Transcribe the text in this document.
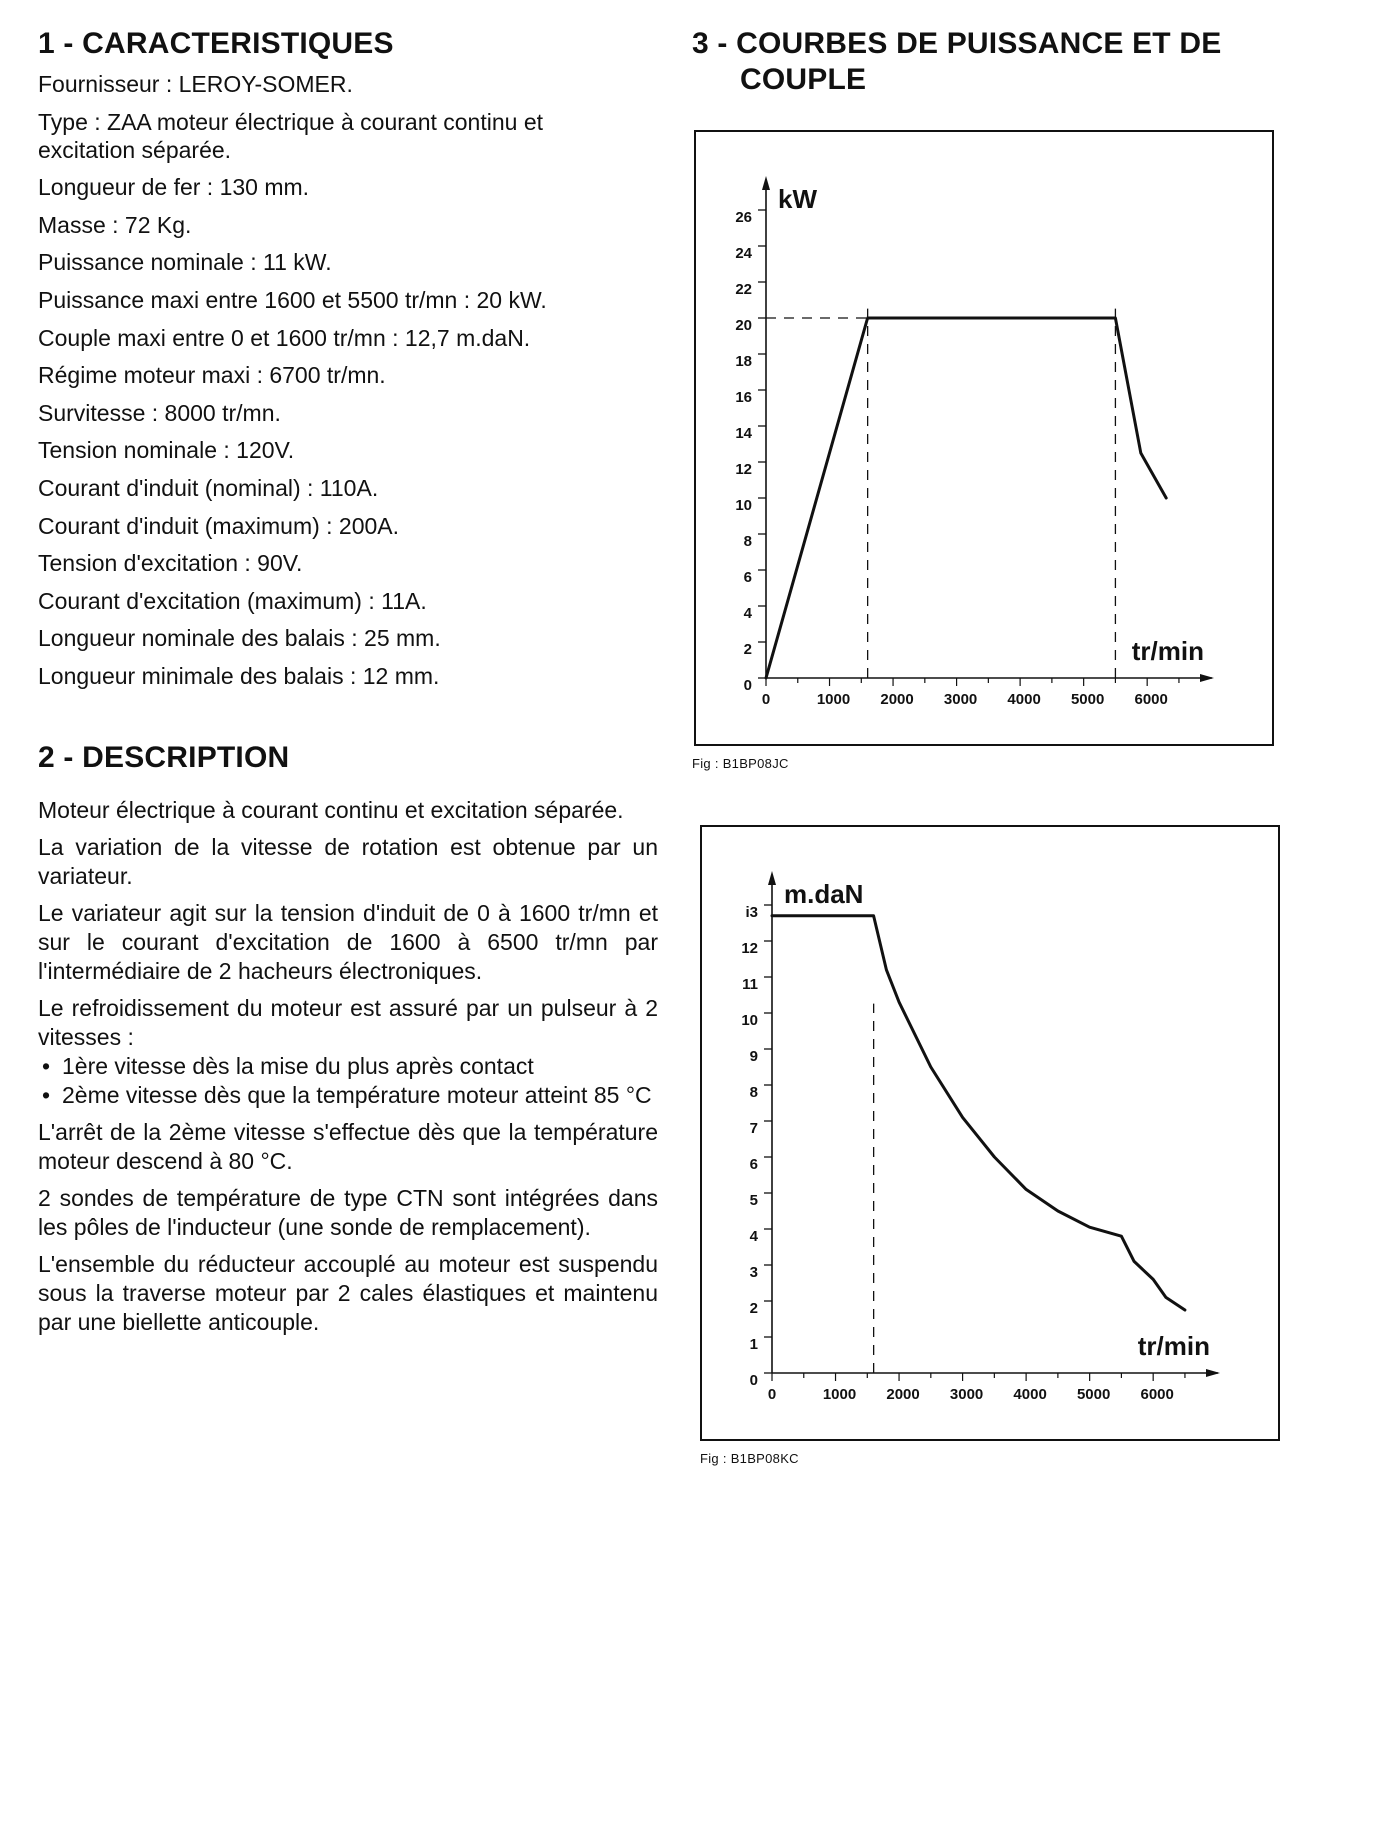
1 - CARACTERISTIQUES
Fournisseur : LEROY-SOMER.
Type : ZAA moteur électrique à courant continu et
excitation séparée.
Longueur de fer : 130 mm.
Masse : 72 Kg.
Puissance nominale : 11 kW.
Puissance maxi entre 1600 et 5500 tr/mn : 20 kW.
Couple maxi entre 0 et 1600 tr/mn : 12,7 m.daN.
Régime moteur maxi : 6700 tr/mn.
Survitesse : 8000 tr/mn.
Tension nominale : 120V.
Courant d'induit (nominal) : 110A.
Courant d'induit (maximum) : 200A.
Tension d'excitation : 90V.
Courant d'excitation (maximum) : 11A.
Longueur nominale des balais : 25 mm.
Longueur minimale des balais : 12 mm.
2 - DESCRIPTION

Moteur électrique à courant continu et excitation séparée.

La variation de la vitesse de rotation est obtenue par un variateur.

Le variateur agit sur la tension d'induit de 0 à 1600 tr/mn et sur le courant d'excitation de 1600 à 6500 tr/mn par l'intermédiaire de 2 hacheurs électroniques.

Le refroidissement du moteur est assuré par un pulseur à 2 vitesses :

• 1ère vitesse dès la mise du plus après contact
• 2ème vitesse dès que la température moteur atteint 85 °C

L'arrêt de la 2ème vitesse s'effectue dès que la température moteur descend à 80 °C.

2 sondes de température de type CTN sont intégrées dans les pôles de l'inducteur (une sonde de remplacement).

L'ensemble du réducteur accouplé au moteur est suspendu sous la traverse moteur par 2 cales élastiques et maintenu par une biellette anticouple.

3 - COURBES DE PUISSANCE ET DE
COUPLE
0
2
4
6
8
10
12
14
16
18
20
22
24
26
0	1000 2000 3000 4000 5000 6000
kW
tr/min
Fig : B1BP08JC
0
1
2
3
4
5
6
7
8
9
10
11
12
i3
0	1000 2000 3000 4000 5000 6000
m.daN
tr/min
Fig : B1BP08KC
